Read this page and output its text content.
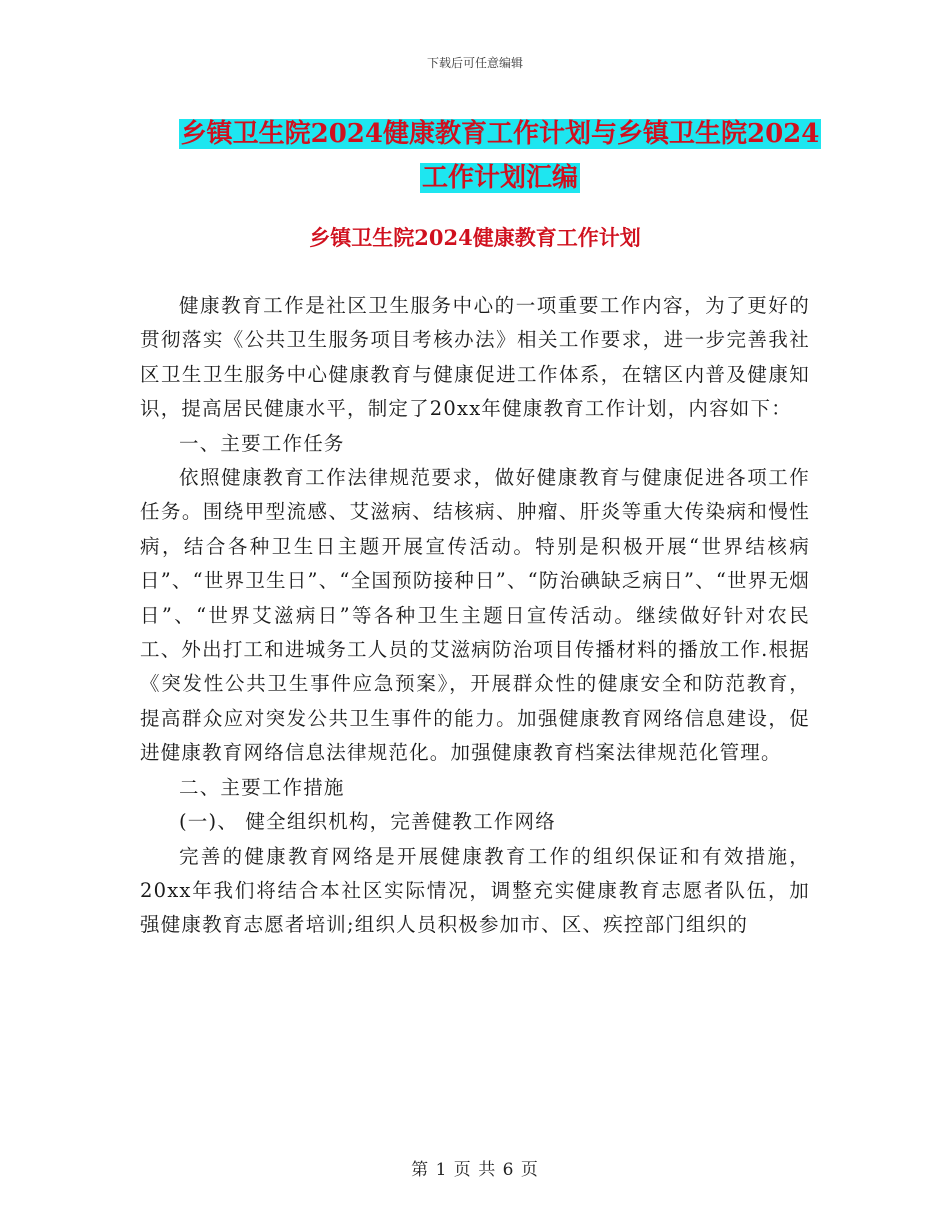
下载后可任意编辑
乡镇卫生院2024健康教育工作计划与乡镇卫生院2024
工作计划汇编
乡镇卫生院2024健康教育工作计划

健康教育工作是社区卫生服务中心的一项重要工作内容，为了更好的贯彻落实《公共卫生服务项目考核办法》相关工作要求，进一步完善我社区卫生卫生服务中心健康教育与健康促进工作体系，在辖区内普及健康知识，提高居民健康水平，制定了20xx年健康教育工作计划，内容如下：

一、主要工作任务

依照健康教育工作法律规范要求，做好健康教育与健康促进各项工作任务。围绕甲型流感、艾滋病、结核病、肿瘤、肝炎等重大传染病和慢性病，结合各种卫生日主题开展宣传活动。特别是积极开展“世界结核病日”、“世界卫生日”、“全国预防接种日”、“防治碘缺乏病日”、“世界无烟日”、“世界艾滋病日”等各种卫生主题日宣传活动。继续做好针对农民工、外出打工和进城务工人员的艾滋病防治项目传播材料的播放工作.根据《突发性公共卫生事件应急预案》，开展群众性的健康安全和防范教育，提高群众应对突发公共卫生事件的能力。加强健康教育网络信息建设，促进健康教育网络信息法律规范化。加强健康教育档案法律规范化管理。

二、主要工作措施

(一)、 健全组织机构，完善健教工作网络

完善的健康教育网络是开展健康教育工作的组织保证和有效措施，20xx年我们将结合本社区实际情况，调整充实健康教育志愿者队伍，加强健康教育志愿者培训;组织人员积极参加市、区、疾控部门组织的

第 1 页 共 6 页
